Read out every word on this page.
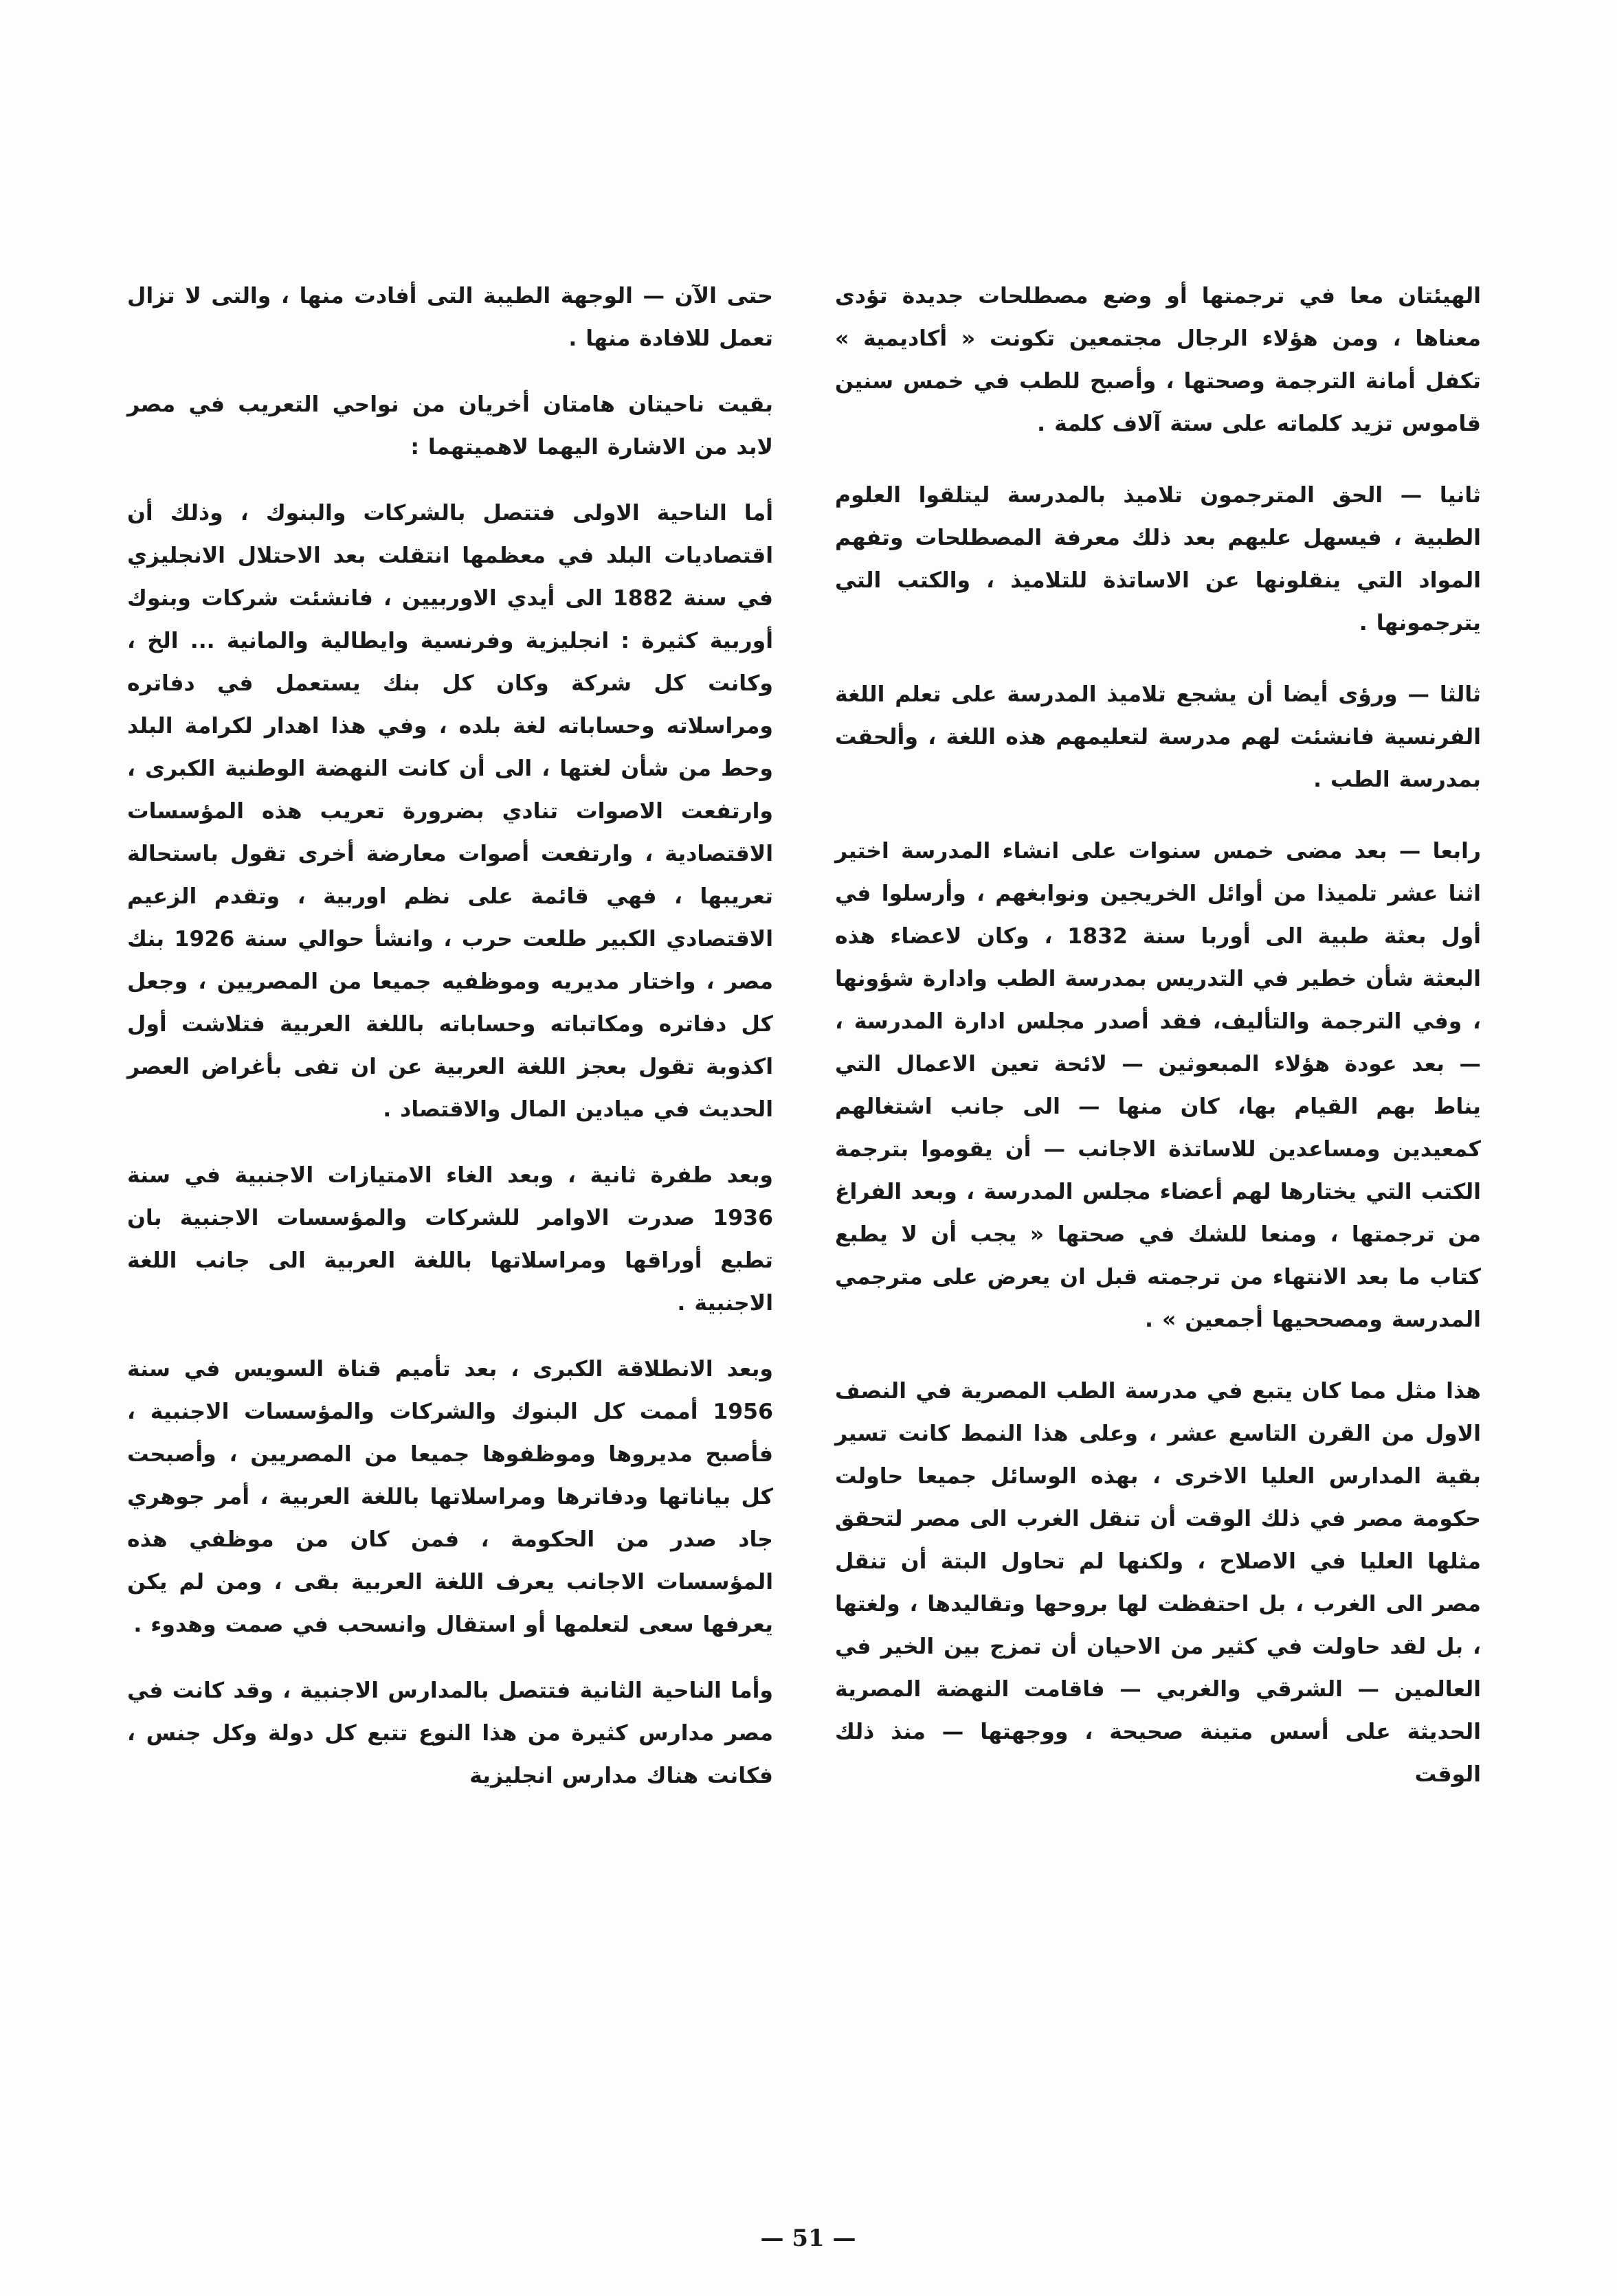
الهيئتان معا في ترجمتها أو وضع مصطلحات جديدة تؤدى معناها ، ومن هؤلاء الرجال مجتمعين تكونت « أكاديمية » تكفل أمانة الترجمة وصحتها ، وأصبح للطب في خمس سنين قاموس تزيد كلماته على ستة آلاف كلمة .

ثانيا — الحق المترجمون تلاميذ بالمدرسة ليتلقوا العلوم الطبية ، فيسهل عليهم بعد ذلك معرفة المصطلحات وتفهم المواد التي ينقلونها عن الاساتذة للتلاميذ ، والكتب التي يترجمونها .

ثالثا — ورؤى أيضا أن يشجع تلاميذ المدرسة على تعلم اللغة الفرنسية فانشئت لهم مدرسة لتعليمهم هذه اللغة ، وألحقت بمدرسة الطب .

رابعا — بعد مضى خمس سنوات على انشاء المدرسة اختير اثنا عشر تلميذا من أوائل الخريجين ونوابغهم ، وأرسلوا في أول بعثة طبية الى أوربا سنة 1832 ، وكان لاعضاء هذه البعثة شأن خطير في التدريس بمدرسة الطب وادارة شؤونها ، وفي الترجمة والتأليف، فقد أصدر مجلس ادارة المدرسة ، — بعد عودة هؤلاء المبعوثين — لائحة تعين الاعمال التي يناط بهم القيام بها، كان منها — الى جانب اشتغالهم كمعيدين ومساعدين للاساتذة الاجانب — أن يقوموا بترجمة الكتب التي يختارها لهم أعضاء مجلس المدرسة ، وبعد الفراغ من ترجمتها ، ومنعا للشك في صحتها « يجب أن لا يطبع كتاب ما بعد الانتهاء من ترجمته قبل ان يعرض على مترجمي المدرسة ومصححيها أجمعين » .

هذا مثل مما كان يتبع في مدرسة الطب المصرية في النصف الاول من القرن التاسع عشر ، وعلى هذا النمط كانت تسير بقية المدارس العليا الاخرى ، بهذه الوسائل جميعا حاولت حكومة مصر في ذلك الوقت أن تنقل الغرب الى مصر لتحقق مثلها العليا في الاصلاح ، ولكنها لم تحاول البتة أن تنقل مصر الى الغرب ، بل احتفظت لها بروحها وتقاليدها ، ولغتها ، بل لقد حاولت في كثير من الاحيان أن تمزج بين الخير في العالمين — الشرقي والغربي — فاقامت النهضة المصرية الحديثة على أسس متينة صحيحة ، ووجهتها — منذ ذلك الوقت

حتى الآن — الوجهة الطيبة التى أفادت منها ، والتى لا تزال تعمل للافادة منها .

بقيت ناحيتان هامتان أخريان من نواحي التعريب في مصر لابد من الاشارة اليهما لاهميتهما :

أما الناحية الاولى فتتصل بالشركات والبنوك ، وذلك أن اقتصاديات البلد في معظمها انتقلت بعد الاحتلال الانجليزي في سنة 1882 الى أيدي الاوربيين ، فانشئت شركات وبنوك أوربية كثيرة : انجليزية وفرنسية وايطالية والمانية ... الخ ، وكانت كل شركة وكان كل بنك يستعمل في دفاتره ومراسلاته وحساباته لغة بلده ، وفي هذا اهدار لكرامة البلد وحط من شأن لغتها ، الى أن كانت النهضة الوطنية الكبرى ، وارتفعت الاصوات تنادي بضرورة تعريب هذه المؤسسات الاقتصادية ، وارتفعت أصوات معارضة أخرى تقول باستحالة تعريبها ، فهي قائمة على نظم اوربية ، وتقدم الزعيم الاقتصادي الكبير طلعت حرب ، وانشأ حوالي سنة 1926 بنك مصر ، واختار مديريه وموظفيه جميعا من المصريين ، وجعل كل دفاتره ومكاتباته وحساباته باللغة العربية فتلاشت أول اكذوبة تقول بعجز اللغة العربية عن ان تفى بأغراض العصر الحديث في ميادين المال والاقتصاد .

وبعد طفرة ثانية ، وبعد الغاء الامتيازات الاجنبية في سنة 1936 صدرت الاوامر للشركات والمؤسسات الاجنبية بان تطبع أوراقها ومراسلاتها باللغة العربية الى جانب اللغة الاجنبية .

وبعد الانطلاقة الكبرى ، بعد تأميم قناة السويس في سنة 1956 أممت كل البنوك والشركات والمؤسسات الاجنبية ، فأصبح مديروها وموظفوها جميعا من المصريين ، وأصبحت كل بياناتها ودفاترها ومراسلاتها باللغة العربية ، أمر جوهري جاد صدر من الحكومة ، فمن كان من موظفي هذه المؤسسات الاجانب يعرف اللغة العربية بقى ، ومن لم يكن يعرفها سعى لتعلمها أو استقال وانسحب في صمت وهدوء .

وأما الناحية الثانية فتتصل بالمدارس الاجنبية ، وقد كانت في مصر مدارس كثيرة من هذا النوع تتبع كل دولة وكل جنس ، فكانت هناك مدارس انجليزية

— 51 —
